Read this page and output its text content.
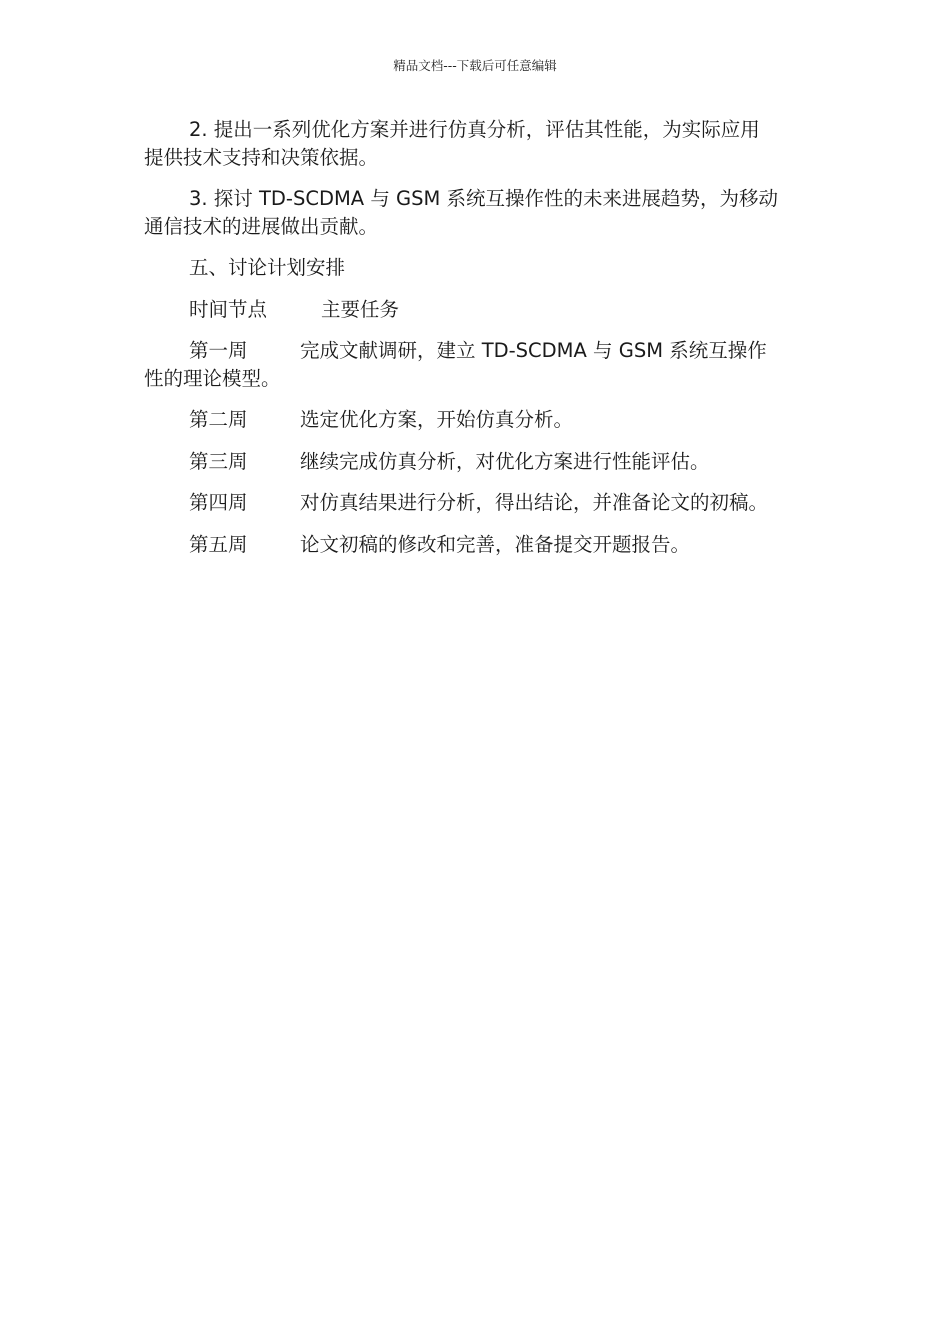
精品文档---下载后可任意编辑
2. 提出一系列优化方案并进行仿真分析，评估其性能，为实际应用
提供技术支持和决策依据。
3. 探讨 TD-SCDMA 与 GSM 系统互操作性的未来进展趋势，为移动
通信技术的进展做出贡献。
五、讨论计划安排
时间节点	主要任务
第一周	完成文献调研，建立 TD-SCDMA 与 GSM 系统互操作
性的理论模型。
第二周	选定优化方案，开始仿真分析。
第三周	继续完成仿真分析，对优化方案进行性能评估。
第四周	对仿真结果进行分析，得出结论，并准备论文的初稿。
第五周	论文初稿的修改和完善，准备提交开题报告。
